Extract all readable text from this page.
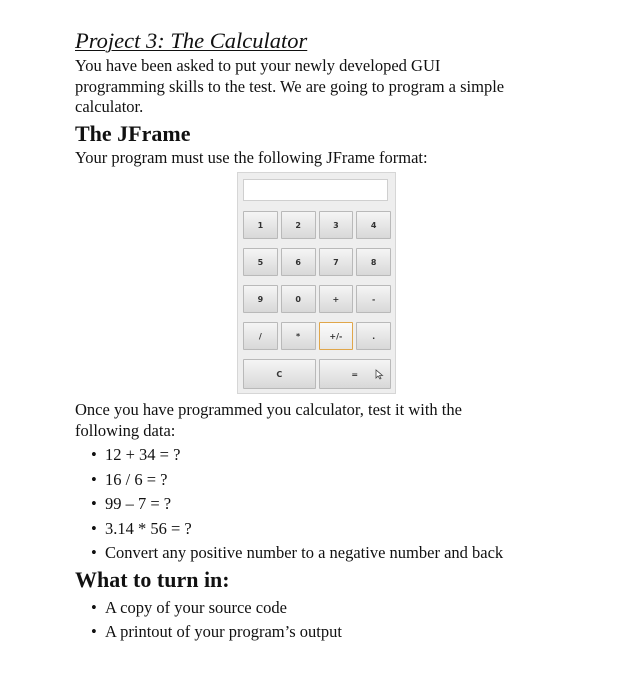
Project 3: The Calculator

You have been asked to put your newly developed GUI programming skills to the test. We are going to program a simple calculator.

The JFrame

Your program must use the following JFrame format:

1	2	3	4
5	6	7	8
9	0	+	-
/	*	+/-	.
C	=

Once you have programmed you calculator, test it with the following data:

• 12 + 34 = ?
• 16 / 6 = ?
• 99 – 7 = ?
• 3.14 * 56 = ?
• Convert any positive number to a negative number and back
What to turn in:
• A copy of your source code
• A printout of your program’s output
